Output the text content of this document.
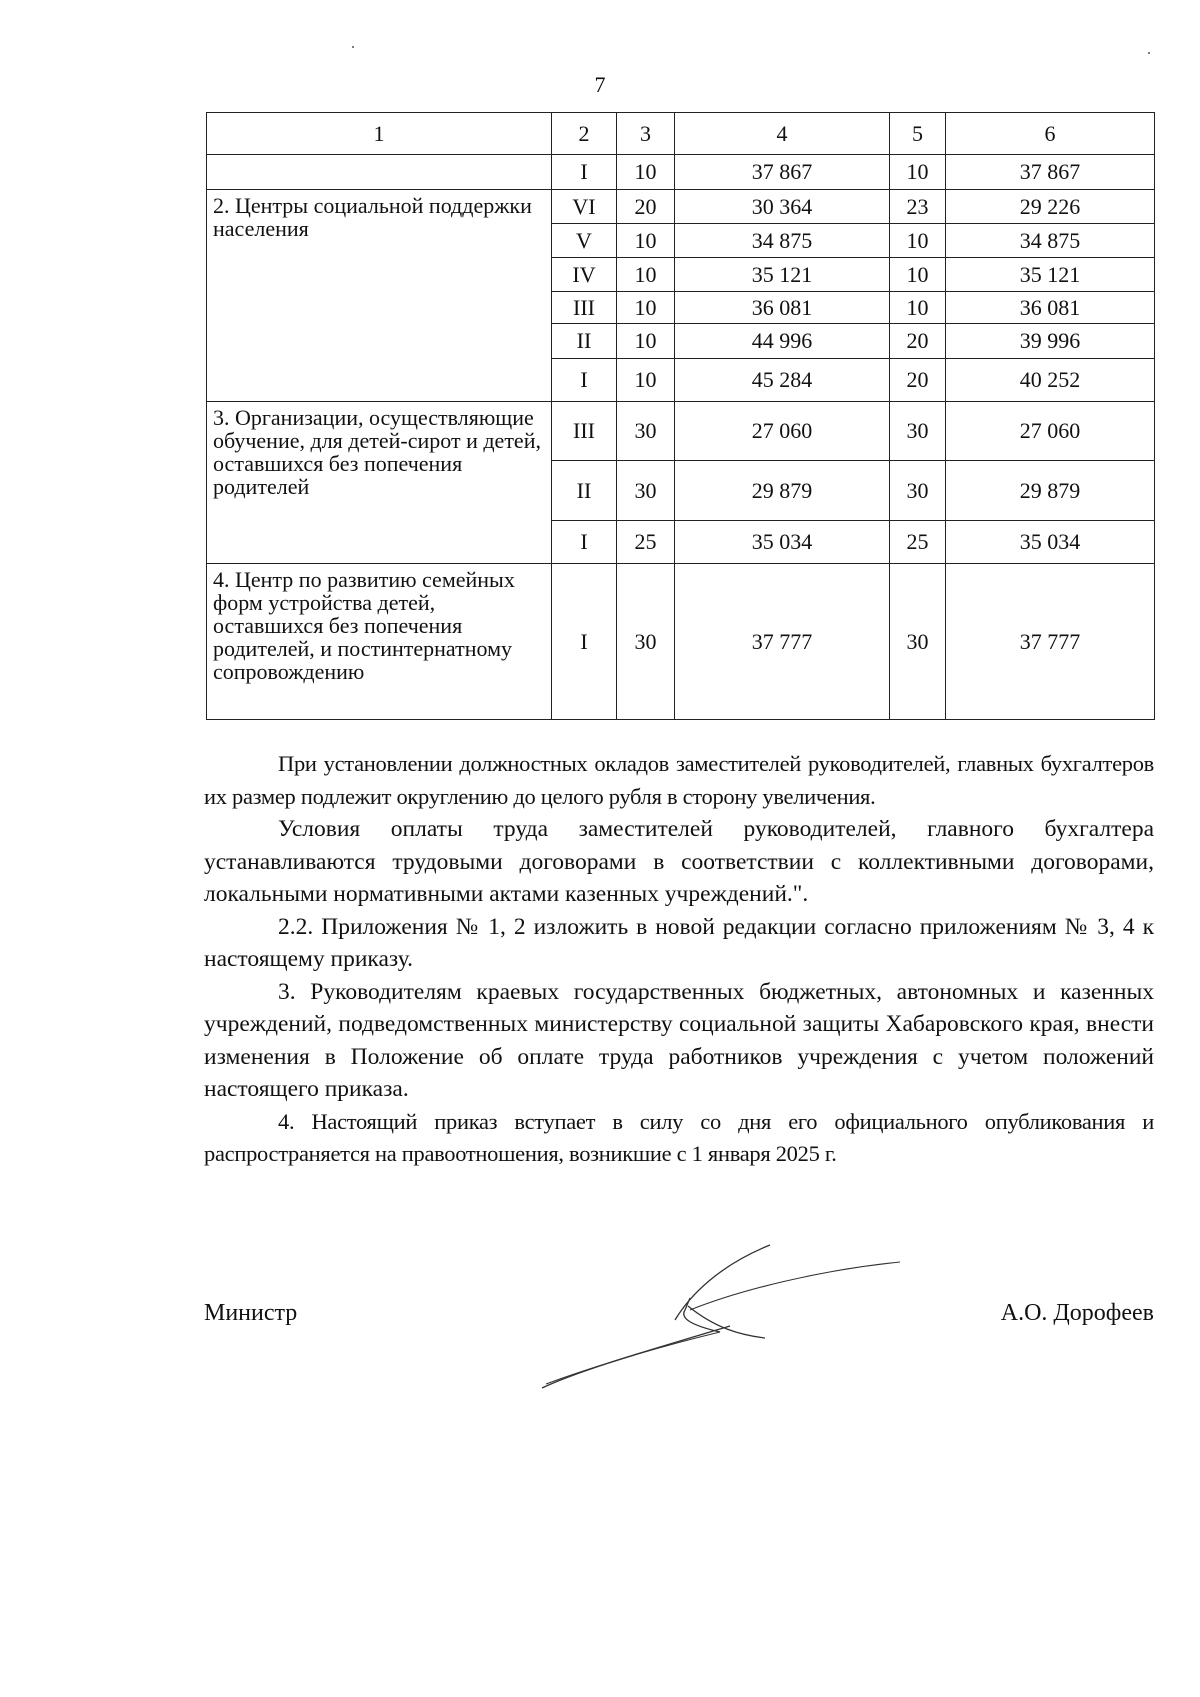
7
1	2	3	4	5	6
	I	10	37 867	10	37 867
2. Центры социальной поддержки населения	VI	20	30 364	23	29 226
	V	10	34 875	10	34 875
	IV	10	35 121	10	35 121
	III	10	36 081	10	36 081
	II	10	44 996	20	39 996
	I	10	45 284	20	40 252
3. Организации, осуществляющие обучение, для детей-сирот и детей, оставшихся без попечения родителей	III	30	27 060	30	27 060
	II	30	29 879	30	29 879
	I	25	35 034	25	35 034
4. Центр по развитию семейных форм устройства детей, оставшихся без попечения родителей, и постинтернатному сопровождению	I	30	37 777	30	37 777

При установлении должностных окладов заместителей руководителей, главных бухгалтеров их размер подлежит округлению до целого рубля в сторону увеличения.

Условия оплаты труда заместителей руководителей, главного бухгалтера устанавливаются трудовыми договорами в соответствии с коллективными договорами, локальными нормативными актами казенных учреждений.".

2.2. Приложения № 1, 2 изложить в новой редакции согласно приложениям № 3, 4 к настоящему приказу.

3. Руководителям краевых государственных бюджетных, автономных и казенных учреждений, подведомственных министерству социальной защиты Хабаровского края, внести изменения в Положение об оплате труда работников учреждения с учетом положений настоящего приказа.

4. Настоящий приказ вступает в силу со дня его официального опубликования и распространяется на правоотношения, возникшие с 1 января 2025 г.

Министр	А.О. Дорофеев
